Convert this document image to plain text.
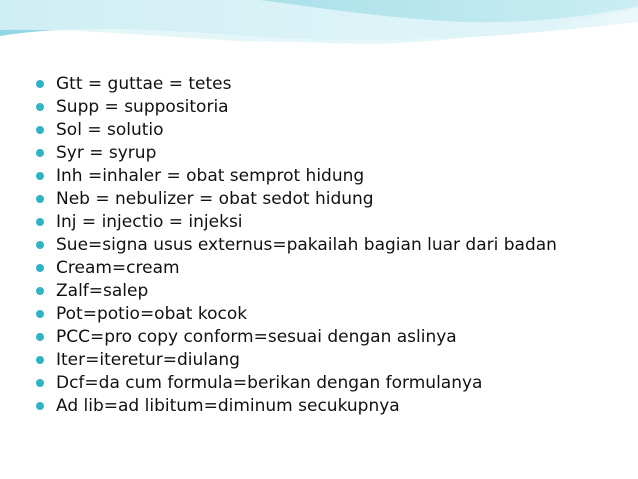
Gtt = guttae = tetes
Supp = suppositoria
Sol = solutio
Syr = syrup
Inh =inhaler = obat semprot hidung
Neb = nebulizer = obat sedot hidung
Inj = injectio = injeksi
Sue=signa usus externus=pakailah bagian luar dari badan
Cream=cream
Zalf=salep
Pot=potio=obat kocok
PCC=pro copy conform=sesuai dengan aslinya
Iter=iteretur=diulang
Dcf=da cum formula=berikan dengan formulanya
Ad lib=ad libitum=diminum secukupnya
